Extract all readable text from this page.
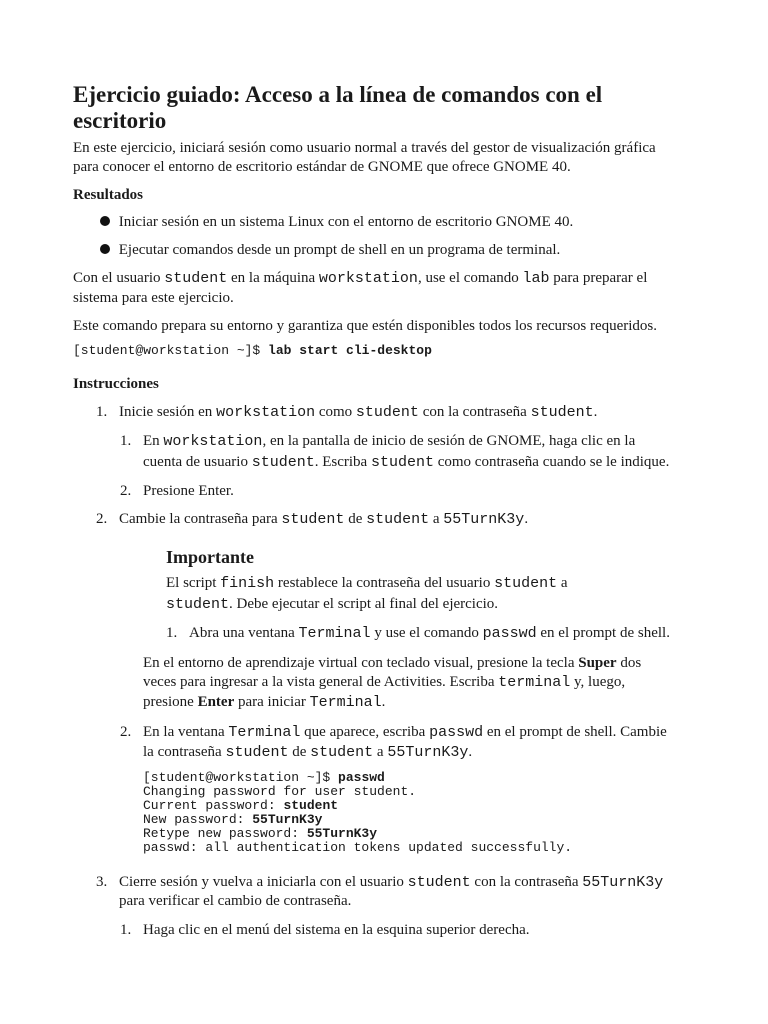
Ejercicio guiado: Acceso a la línea de comandos con el
escritorio
En este ejercicio, iniciará sesión como usuario normal a través del gestor de visualización gráfica
para conocer el entorno de escritorio estándar de GNOME que ofrece GNOME 40.
Resultados
Iniciar sesión en un sistema Linux con el entorno de escritorio GNOME 40.
Ejecutar comandos desde un prompt de shell en un programa de terminal.
Con el usuario student en la máquina workstation, use el comando lab para preparar el
sistema para este ejercicio.
Este comando prepara su entorno y garantiza que estén disponibles todos los recursos requeridos.
[student@workstation ~]$ lab start cli-desktop
Instrucciones
1. Inicie sesión en workstation como student con la contraseña student.
1. En workstation, en la pantalla de inicio de sesión de GNOME, haga clic en la
cuenta de usuario student. Escriba student como contraseña cuando se le indique.
2. Presione Enter.
2. Cambie la contraseña para student de student a 55TurnK3y.
Importante
El script finish restablece la contraseña del usuario student a
student. Debe ejecutar el script al final del ejercicio.
1. Abra una ventana Terminal y use el comando passwd en el prompt de shell.
En el entorno de aprendizaje virtual con teclado visual, presione la tecla Super dos
veces para ingresar a la vista general de Activities. Escriba terminal y, luego,
presione Enter para iniciar Terminal.
2. En la ventana Terminal que aparece, escriba passwd en el prompt de shell. Cambie
la contraseña student de student a 55TurnK3y.
[student@workstation ~]$ passwd
Changing password for user student.
Current password: student
New password: 55TurnK3y
Retype new password: 55TurnK3y
passwd: all authentication tokens updated successfully.
3. Cierre sesión y vuelva a iniciarla con el usuario student con la contraseña 55TurnK3y
para verificar el cambio de contraseña.
1. Haga clic en el menú del sistema en la esquina superior derecha.
